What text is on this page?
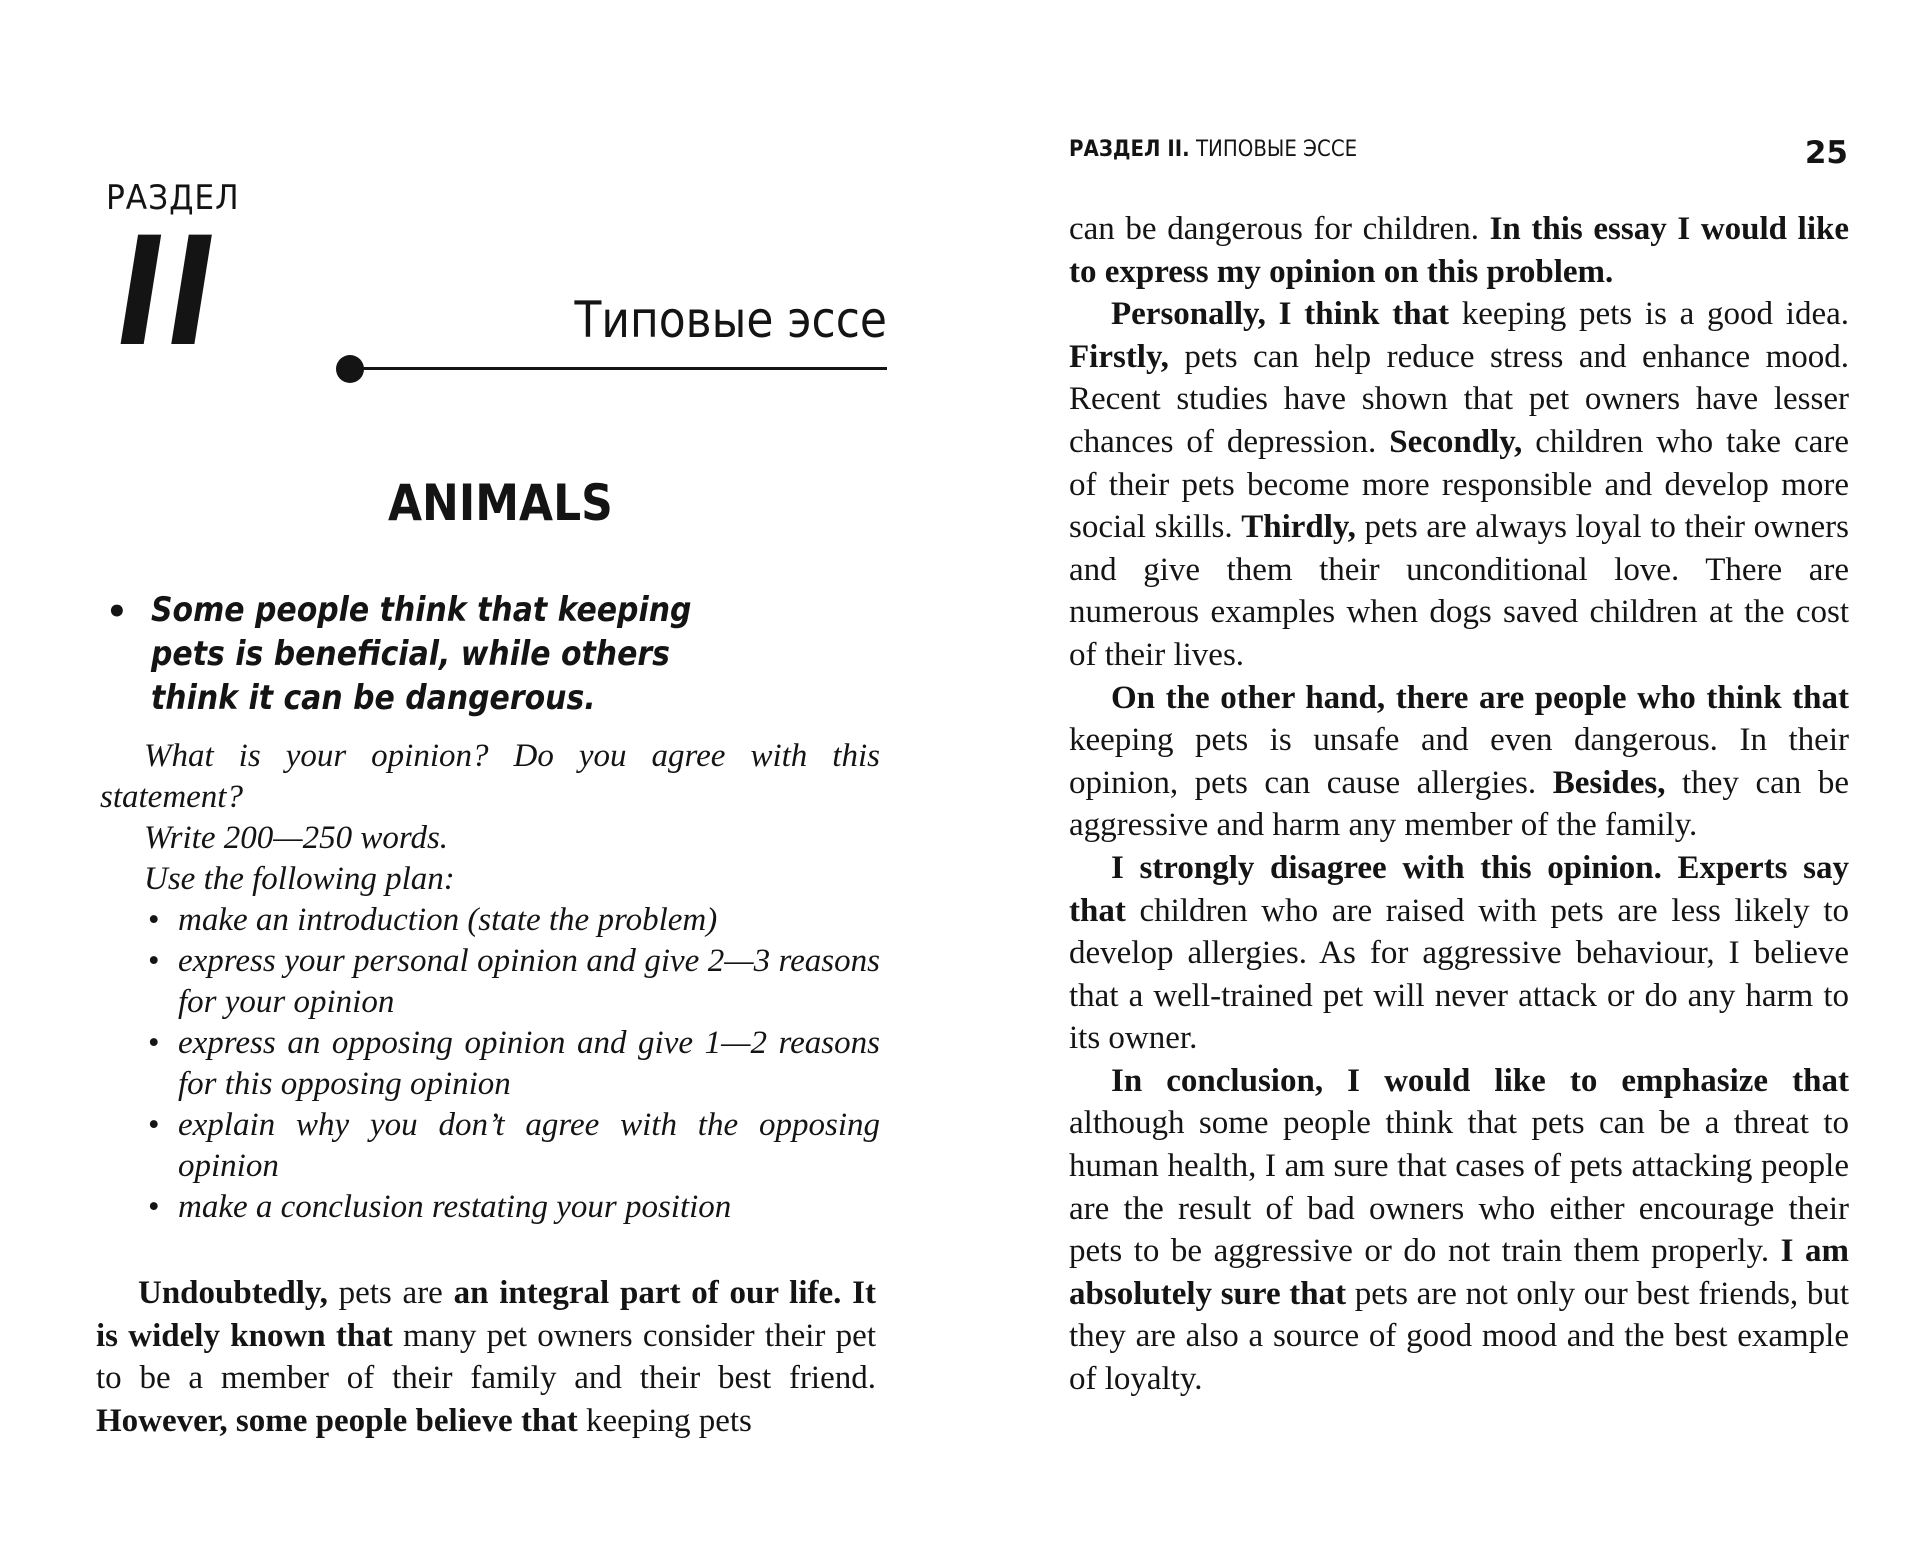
РАЗДЕЛ
II	Типовые эссе
ANIMALS
• Some people think that keeping pets is beneficial, while others think it can be dangerous.

What is your opinion? Do you agree with this statement?

Write 200—250 words.

Use the following plan:

• make an introduction (state the problem)
• express your personal opinion and give 2—3 reasons for your opinion
• express an opposing opinion and give 1—2 reasons for this opposing opinion
• explain why you don’t agree with the opposing opinion
• make a conclusion restating your position

Undoubtedly, pets are an integral part of our life. It is widely known that many pet owners consider their pet to be a member of their family and their best friend. However, some people believe that keeping pets

РАЗДЕЛ II. ТИПОВЫЕ ЭССЕ	25

can be dangerous for children. In this essay I would like to express my opinion on this problem.

Personally, I think that keeping pets is a good idea. Firstly, pets can help reduce stress and enhance mood. Recent studies have shown that pet owners have lesser chances of depression. Secondly, children who take care of their pets become more responsible and develop more social skills. Thirdly, pets are always loyal to their owners and give them their unconditional love. There are numerous examples when dogs saved children at the cost of their lives.

On the other hand, there are people who think that keeping pets is unsafe and even dangerous. In their opinion, pets can cause allergies. Besides, they can be aggressive and harm any member of the family.

I strongly disagree with this opinion. Experts say that children who are raised with pets are less likely to develop allergies. As for aggressive behaviour, I believe that a well-trained pet will never attack or do any harm to its owner.

In conclusion, I would like to emphasize that although some people think that pets can be a threat to human health, I am sure that cases of pets attacking people are the result of bad owners who either encourage their pets to be aggressive or do not train them properly. I am absolutely sure that pets are not only our best friends, but they are also a source of good mood and the best example of loyalty.
